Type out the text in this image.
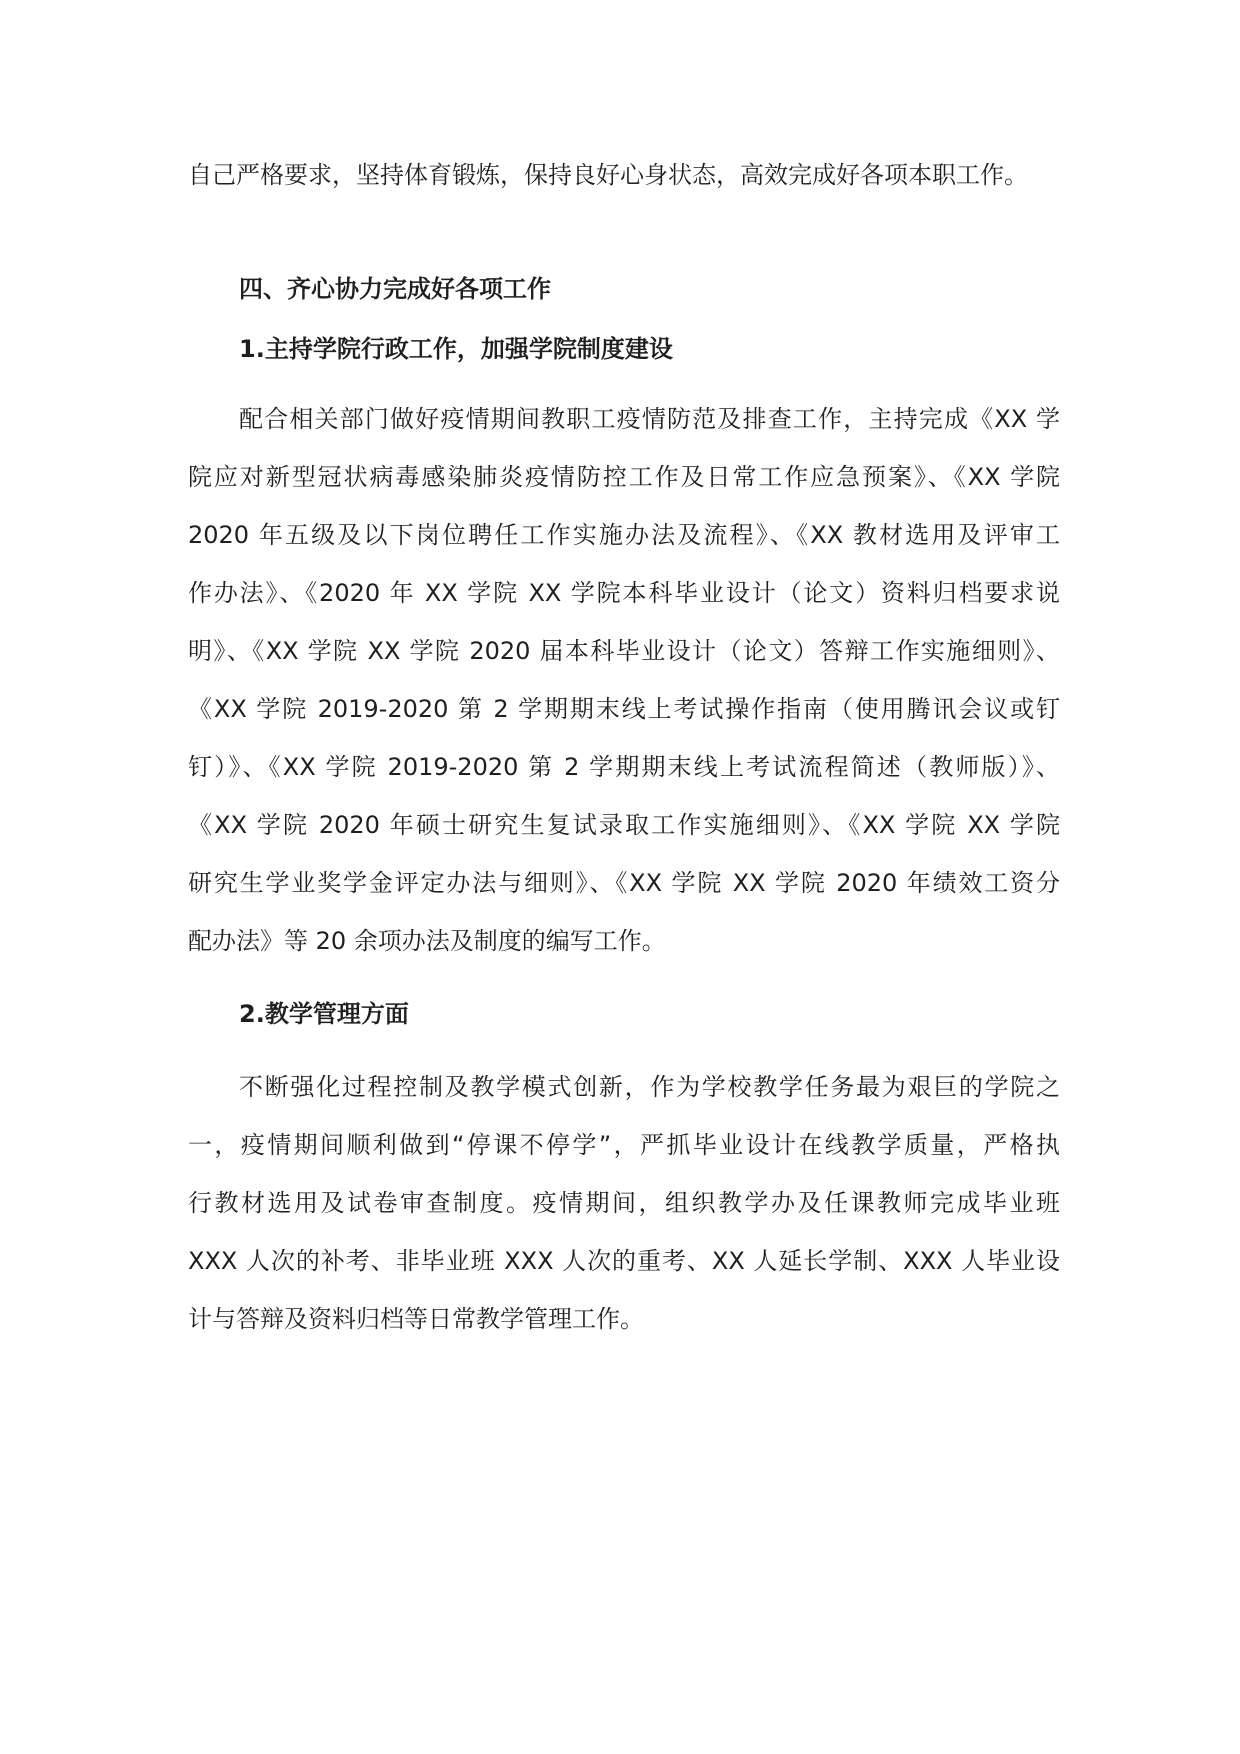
自己严格要求，坚持体育锻炼，保持良好心身状态，高效完成好各项本职工作。

四、齐心协力完成好各项工作
1.主持学院行政工作，加强学院制度建设

配合相关部门做好疫情期间教职工疫情防范及排查工作，主持完成《XX 学

院应对新型冠状病毒感染肺炎疫情防控工作及日常工作应急预案》、《XX 学院

2020 年五级及以下岗位聘任工作实施办法及流程》、《XX 教材选用及评审工

作办法》、《2020 年 XX 学院 XX 学院本科毕业设计（论文）资料归档要求说

明》、《XX 学院 XX 学院 2020 届本科毕业设计（论文）答辩工作实施细则》、

《XX 学院 2019-2020 第 2 学期期末线上考试操作指南（使用腾讯会议或钉

钉）》、《XX 学院 2019-2020 第 2 学期期末线上考试流程简述（教师版）》、

《XX 学院 2020 年硕士研究生复试录取工作实施细则》、《XX 学院 XX 学院

研究生学业奖学金评定办法与细则》、《XX 学院 XX 学院 2020 年绩效工资分

配办法》等 20 余项办法及制度的编写工作。

2.教学管理方面

不断强化过程控制及教学模式创新，作为学校教学任务最为艰巨的学院之

一，疫情期间顺利做到“停课不停学”，严抓毕业设计在线教学质量，严格执

行教材选用及试卷审查制度。疫情期间，组织教学办及任课教师完成毕业班

XXX 人次的补考、非毕业班 XXX 人次的重考、XX 人延长学制、XXX 人毕业设

计与答辩及资料归档等日常教学管理工作。
